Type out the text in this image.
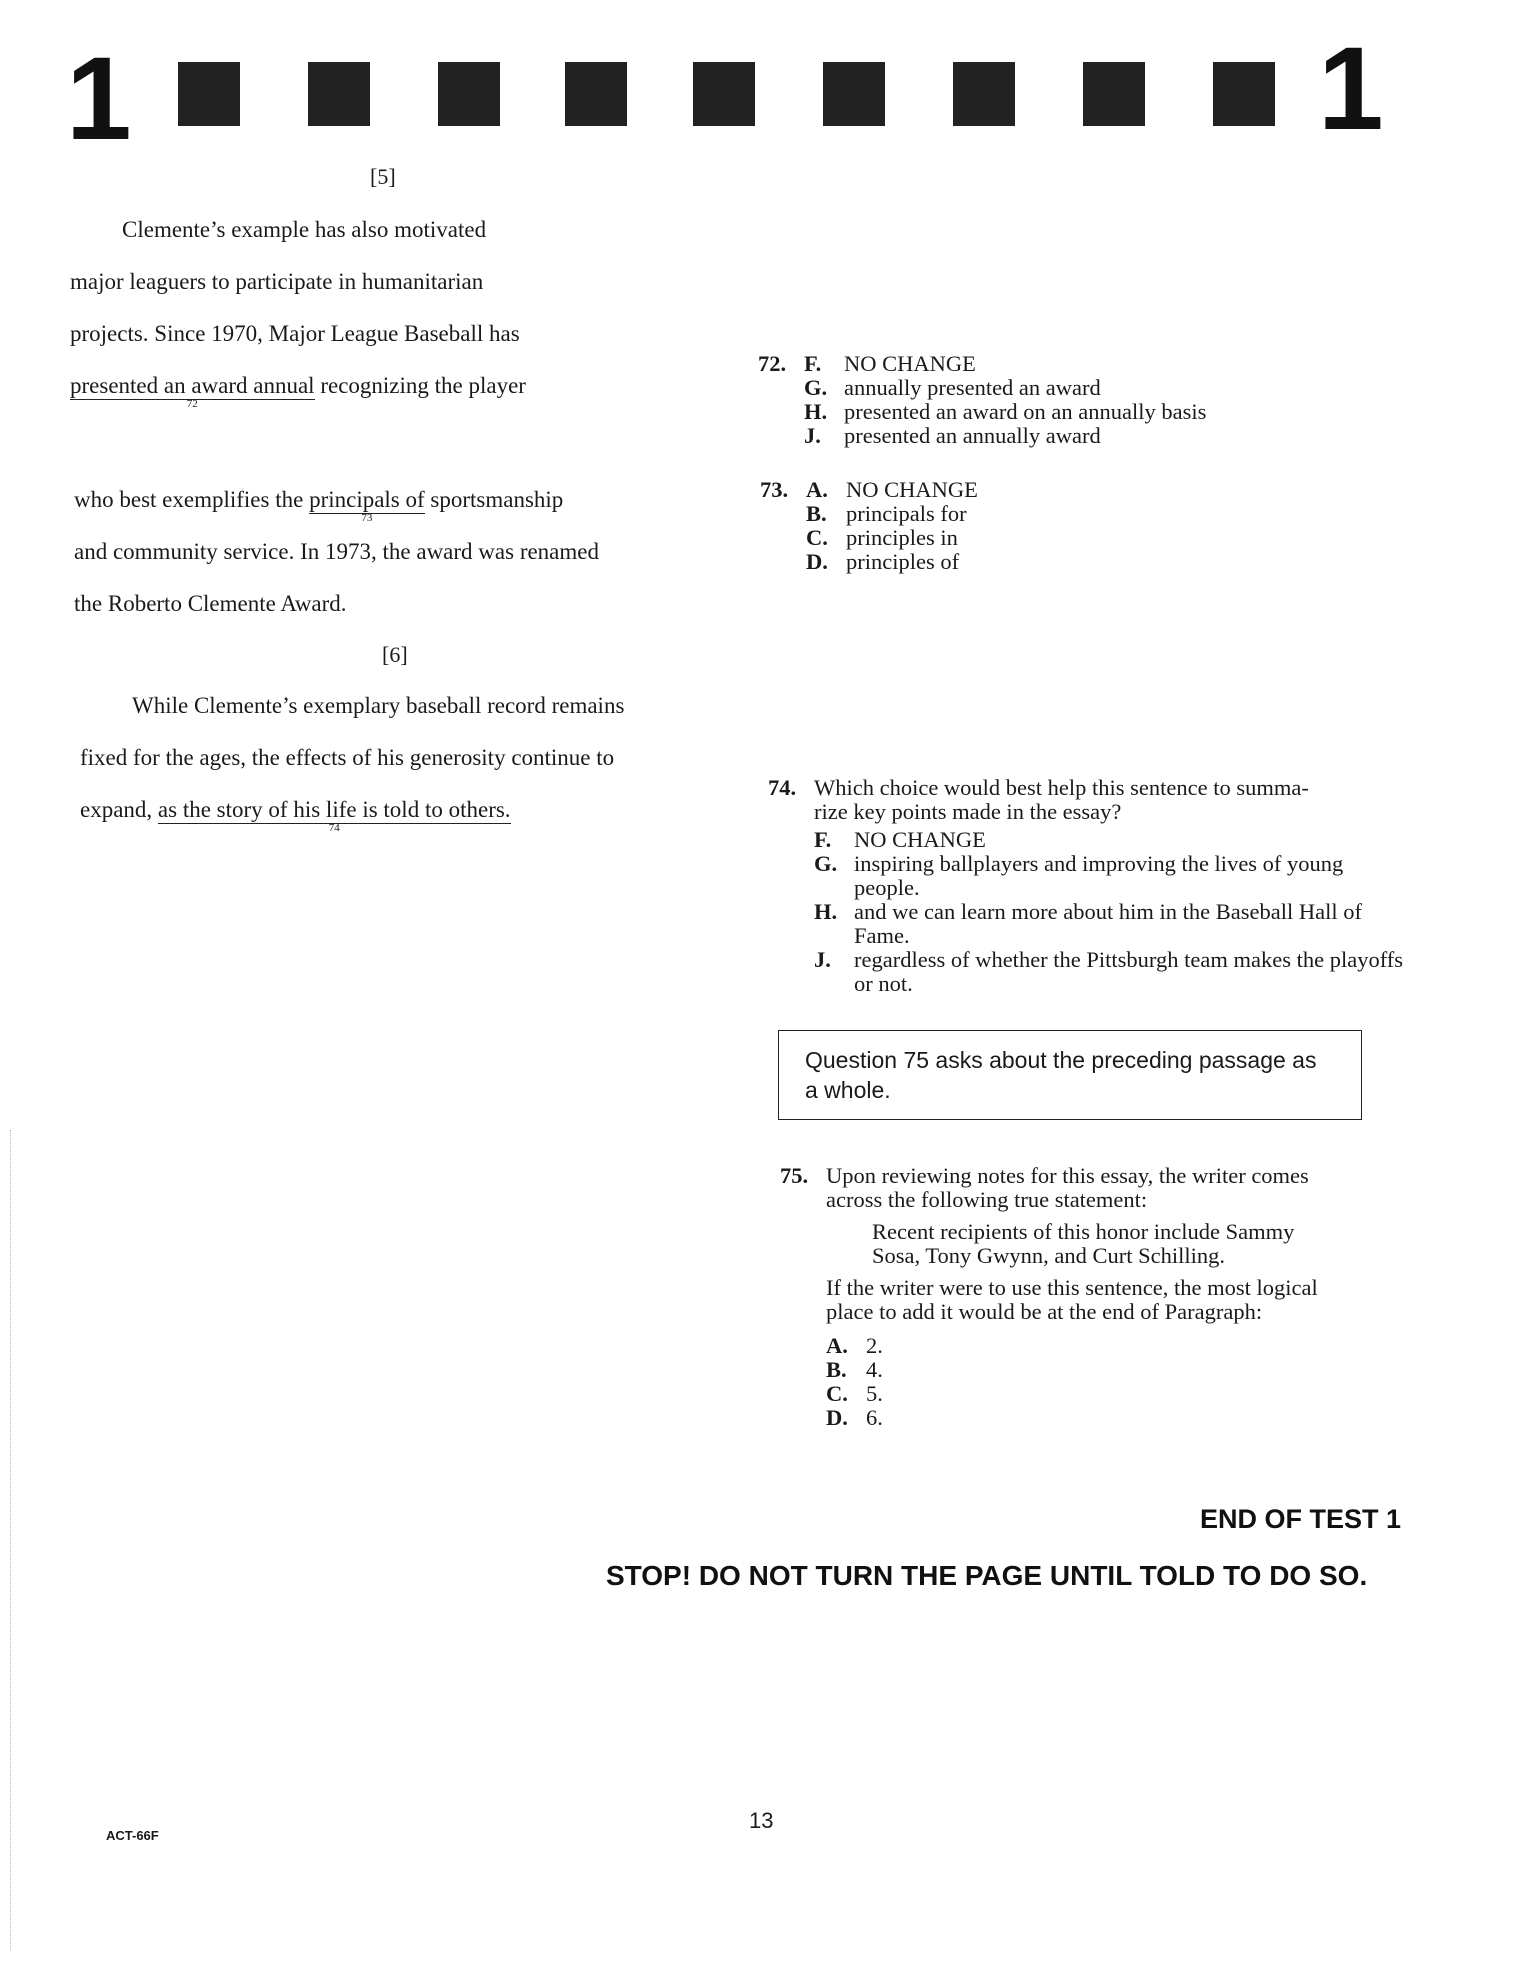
1	1
[5]
Clemente’s example has also motivated
major leaguers to participate in humanitarian
projects. Since 1970, Major League Baseball has
presented an award annual
72
recognizing the player
who best exemplifies the principals of
73
sportsmanship
and community service. In 1973, the award was renamed
the Roberto Clemente Award.
[6]
While Clemente’s exemplary baseball record remains
fixed for the ages, the effects of his generosity continue to
expand, as the story of his life is told to others.
74
72. F.	NO CHANGE
G. annually presented an award
H. presented an award on an annually basis
J.	presented an annually award
73. A. NO CHANGE
B. principals for
C. principles in
D. principles of
74. Which choice would best help this sentence to summa-
rize key points made in the essay?
F.	NO CHANGE
G. inspiring ballplayers and improving the lives of young people.
H. and we can learn more about him in the Baseball Hall of Fame.
J.	regardless of whether the Pittsburgh team makes the playoffs or not.
Question 75 asks about the preceding passage as a whole.
75. Upon reviewing notes for this essay, the writer comes
across the following true statement:
Recent recipients of this honor include Sammy
Sosa, Tony Gwynn, and Curt Schilling.
If the writer were to use this sentence, the most logical
place to add it would be at the end of Paragraph:
A. 2.
B. 4.
C. 5.
D. 6.
END OF TEST 1
STOP! DO NOT TURN THE PAGE UNTIL TOLD TO DO SO.
13
ACT-66F
